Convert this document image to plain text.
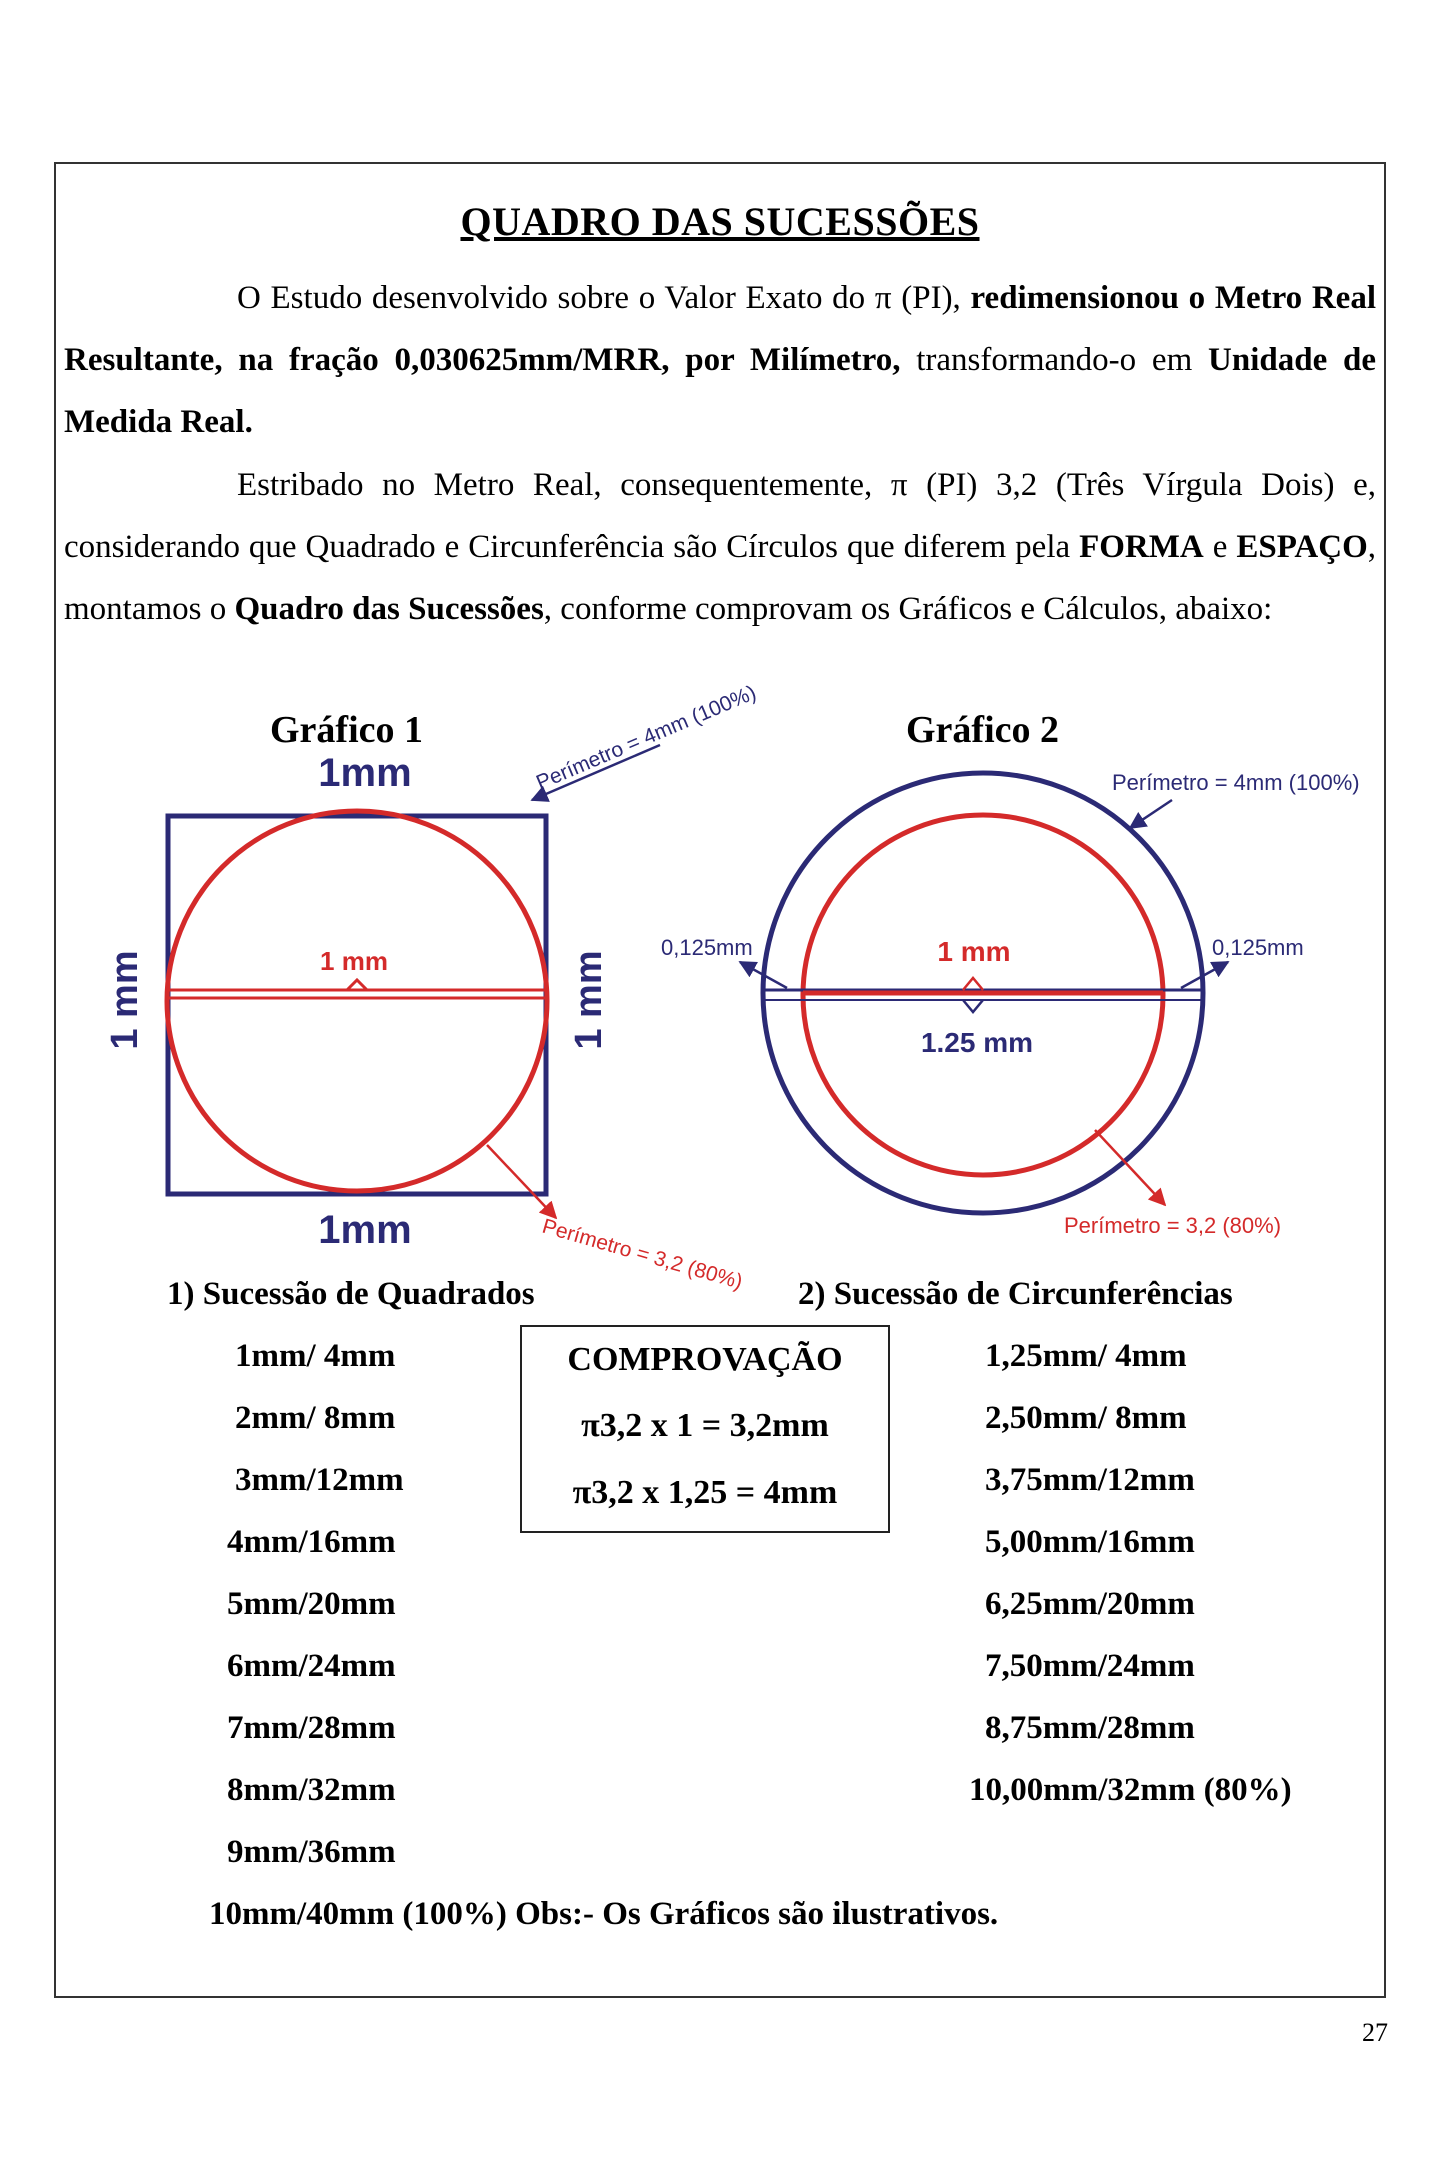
QUADRO DAS SUCESSÕES

O Estudo desenvolvido sobre o Valor Exato do π (PI), redimensionou o Metro Real Resultante, na fração 0,030625mm/MRR, por Milímetro, transformando-o em Unidade de Medida Real.

Estribado no Metro Real, consequentemente, π (PI) 3,2 (Três Vírgula Dois) e, considerando que Quadrado e Circunferência são Círculos que diferem pela FORMA e ESPAÇO, montamos o Quadro das Sucessões, conforme comprovam os Gráficos e Cálculos, abaixo:

Gráfico 1	Gráfico 2
1mm
1mm
1 mm	1 mm
1 mm
Perímetro = 4mm (100%)
Perímetro = 3,2 (80%)
1 mm
1.25 mm
0,125mm	0,125mm
Perímetro = 4mm (100%)
Perímetro = 3,2 (80%)
1) Sucessão de Quadrados	2) Sucessão de Circunferências
1mm/ 4mm
2mm/ 8mm
3mm/12mm
4mm/16mm
5mm/20mm
6mm/24mm
7mm/28mm
8mm/32mm
9mm/36mm
10mm/40mm (100%) Obs:- Os Gráficos são ilustrativos.
1,25mm/ 4mm
2,50mm/ 8mm
3,75mm/12mm
5,00mm/16mm
6,25mm/20mm
7,50mm/24mm
8,75mm/28mm
10,00mm/32mm (80%)
COMPROVAÇÃO
π3,2 x 1 = 3,2mm
π3,2 x 1,25 = 4mm
27
